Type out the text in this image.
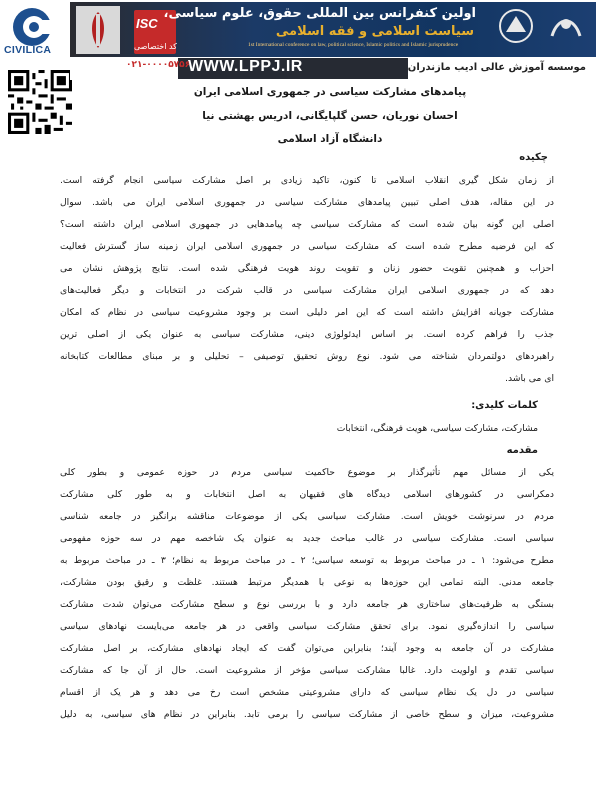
CIVILICA
ISC
کد اختصاصی
اولین کنفرانس بین المللی حقوق، علوم سیاسی،
سیاست اسلامی و فقه اسلامی
1st International conference on law, political science, Islamic politics and Islamic jurisprudence
WWW.LPPJ.IR
۰۲۱-۰۰۰۰۵۷۵۶	موسسه آموزش عالی ادیب مازندران
پیامدهای مشارکت سیاسی در جمهوری اسلامی ایران
احسان نوریان، حسن گلپایگانی، ادریس بهشتی نیا
دانشگاه آزاد اسلامی
چکیده
از زمان شکل گیری انقلاب اسلامی تا کنون، تاکید زیادی بر اصل مشارکت سیاسی انجام گرفته است.
در این مقاله، هدف اصلی تبیین پیامدهای مشارکت سیاسی در جمهوری اسلامی ایران می باشد. سوال
اصلی این گونه بیان شده است که مشارکت سیاسی چه پیامدهایی در جمهوری اسلامی ایران داشته است؟
که این فرضیه مطرح شده است که مشارکت سیاسی در جمهوری اسلامی ایران زمینه ساز گسترش فعالیت
احزاب و همچنین تقویت حضور زنان و تقویت روند هویت فرهنگی شده است. نتایج پژوهش نشان می
دهد که در جمهوری اسلامی ایران مشارکت سیاسی در قالب شرکت در انتخابات و دیگر فعالیت‌های
مشارکت جویانه افزایش داشته است که این امر دلیلی است بر وجود مشروعیت سیاسی در نظام که امکان
جذب را فراهم کرده است. بر اساس ایدئولوژی دینی، مشارکت سیاسی به عنوان یکی از اصلی ترین
راهبردهای دولتمردان شناخته می شود. نوع روش تحقیق توصیفی – تحلیلی و بر مبنای مطالعات کتابخانه
ای می باشد.
کلمات کلیدی:
مشارکت، مشارکت سیاسی، هویت فرهنگی، انتخابات
مقدمه
یکی از مسائل مهم تأثیرگذار بر موضوع حاکمیت سیاسی مردم در حوزه عمومی و بطور کلی
دمکراسی در کشورهای اسلامی دیدگاه های فقیهان به اصل انتخابات و به طور کلی مشارکت
مردم در سرنوشت خویش است. مشارکت سیاسی یکی از موضوعات مناقشه برانگیز در جامعه شناسی
سیاسی است. مشارکت سیاسی در غالب مباحث جدید به عنوان یک شاخصه مهم در سه حوزه مفهومی
مطرح می‌شود: ۱ ـ در مباحث مربوط به توسعه سیاسی؛ ۲ ـ در مباحث مربوط به نظام؛ ۳ ـ در مباحث مربوط به
جامعه مدنی. البته تمامی این حوزه‌ها به نوعی با همدیگر مرتبط هستند. غلظت و رقیق بودن مشارکت،
بستگی به ظرفیت‌های ساختاری هر جامعه دارد و با بررسی نوع و سطح مشارکت می‌توان شدت مشارکت
سیاسی را اندازه‌گیری نمود. برای تحقق مشارکت سیاسی واقعی در هر جامعه می‌بایست نهادهای سیاسی
مشارکت در آن جامعه به وجود آیند؛ بنابراین می‌توان گفت که ایجاد نهادهای مشارکت، بر اصل مشارکت
سیاسی تقدم و اولویت دارد. غالبا مشارکت سیاسی مؤخر از مشروعیت است. حال از آن جا که مشارکت
سیاسی در دل یک نظام سیاسی که دارای مشروعیتی مشخص است رخ می دهد و هر یک از اقسام
مشروعیت، میزان و سطح خاصی از مشارکت سیاسی را برمی تابد. بنابراین در نظام های سیاسی، به دلیل
